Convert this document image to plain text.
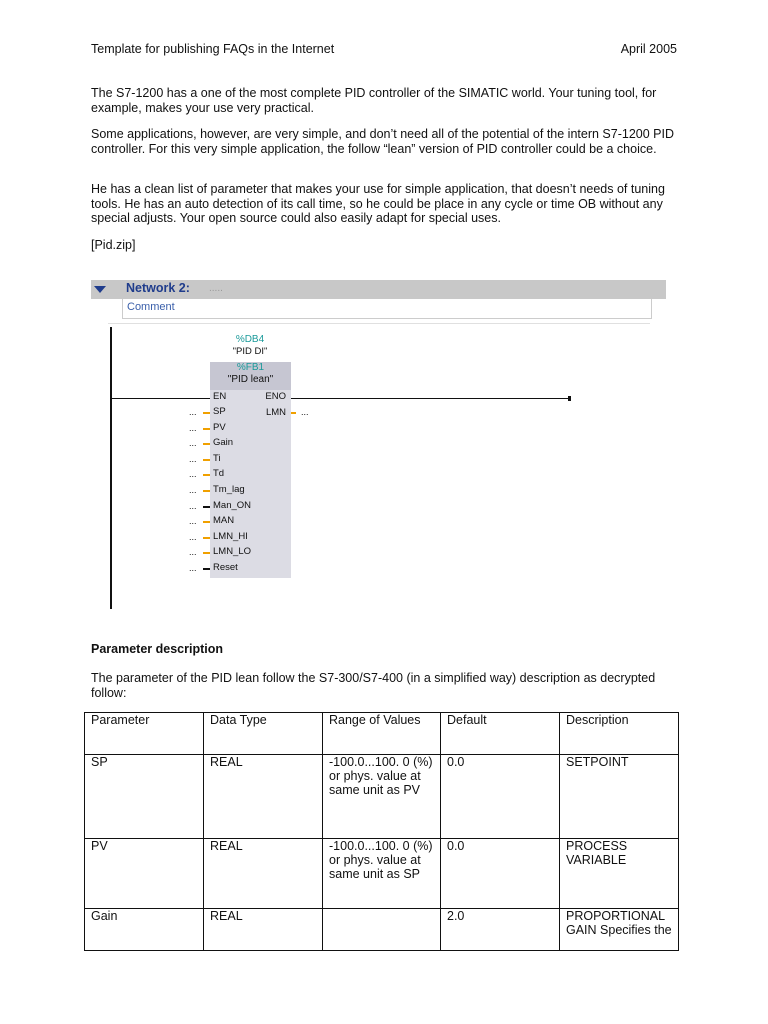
Template for publishing FAQs in the Internet	April 2005
The S7-1200 has a one of the most complete PID controller of the SIMATIC world. Your tuning tool, for example, makes your use very practical.
Some applications, however, are very simple, and don’t need all of the potential of the intern S7-1200 PID controller. For this very simple application, the follow “lean” version of PID controller could be a choice.
He has a clean list of parameter that makes your use for simple application, that doesn’t needs of tuning tools. He has an auto detection of its call time, so he could be place in any cycle or time OB without any special adjusts. Your open source could also easily adapt for special uses.
[Pid.zip]
Network 2: .....
Comment
%DB4
"PID DI"
%FB1
"PID lean"
EN	ENO
LMN ...
... SP
... PV
... Gain
... Ti
... Td
... Tm_lag
... Man_ON
... MAN
... LMN_HI
... LMN_LO
... Reset
Parameter description
The parameter of the PID lean follow the S7-300/S7-400 (in a simplified way) description as decrypted follow:
Parameter	Data Type	Range of Values	Default	Description
SP	REAL	-100.0...100. 0 (%) or phys. value at same unit as PV	0.0	SETPOINT
PV	REAL	-100.0...100. 0 (%) or phys. value at same unit as SP	0.0	PROCESS VARIABLE
Gain	REAL		2.0	PROPORTIONAL GAIN Specifies the
